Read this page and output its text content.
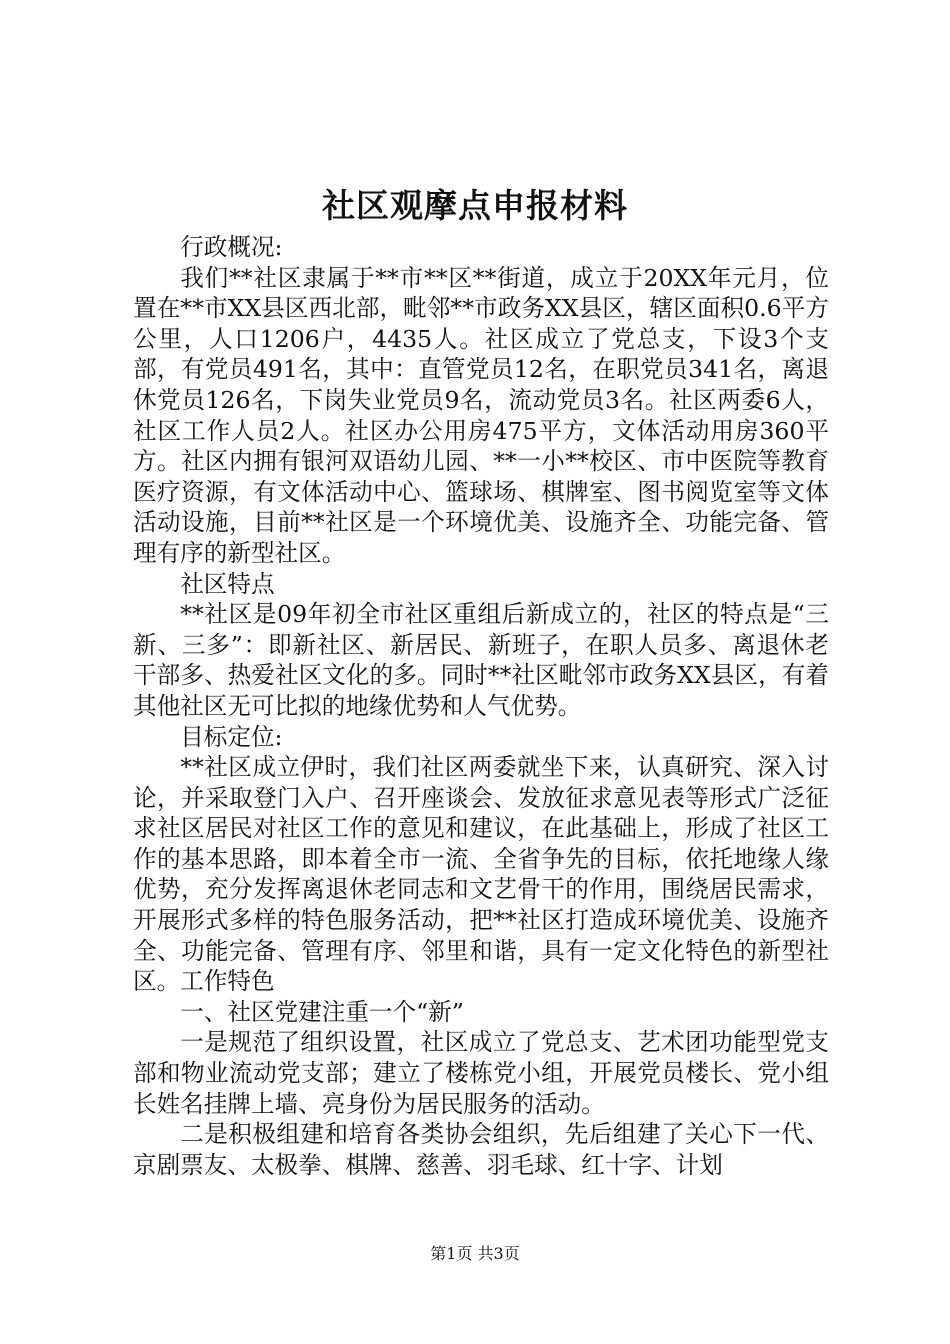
社区观摩点申报材料

行政概况:

我们**社区隶属于**市**区**街道，成立于20XX年元月，位置在**市XX县区西北部，毗邻**市政务XX县区，辖区面积0.6平方公里，人口1206户，4435人。社区成立了党总支，下设3个支部，有党员491名，其中：直管党员12名，在职党员341名，离退休党员126名，下岗失业党员9名，流动党员3名。社区两委6人，社区工作人员2人。社区办公用房475平方，文体活动用房360平方。社区内拥有银河双语幼儿园、**一小**校区、市中医院等教育医疗资源，有文体活动中心、篮球场、棋牌室、图书阅览室等文体活动设施，目前**社区是一个环境优美、设施齐全、功能完备、管理有序的新型社区。

社区特点

**社区是09年初全市社区重组后新成立的，社区的特点是“三新、三多”：即新社区、新居民、新班子，在职人员多、离退休老干部多、热爱社区文化的多。同时**社区毗邻市政务XX县区，有着其他社区无可比拟的地缘优势和人气优势。

目标定位:

**社区成立伊时，我们社区两委就坐下来，认真研究、深入讨论，并采取登门入户、召开座谈会、发放征求意见表等形式广泛征求社区居民对社区工作的意见和建议，在此基础上，形成了社区工作的基本思路，即本着全市一流、全省争先的目标，依托地缘人缘优势，充分发挥离退休老同志和文艺骨干的作用，围绕居民需求，开展形式多样的特色服务活动，把**社区打造成环境优美、设施齐全、功能完备、管理有序、邻里和谐，具有一定文化特色的新型社区。工作特色

一、社区党建注重一个“新”

一是规范了组织设置，社区成立了党总支、艺术团功能型党支部和物业流动党支部；建立了楼栋党小组，开展党员楼长、党小组长姓名挂牌上墙、亮身份为居民服务的活动。

二是积极组建和培育各类协会组织，先后组建了关心下一代、京剧票友、太极拳、棋牌、慈善、羽毛球、红十字、计划

第1页 共3页
